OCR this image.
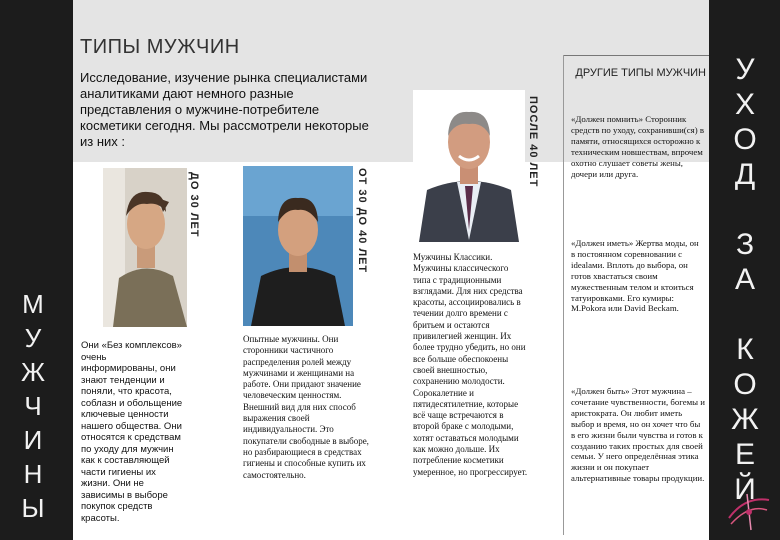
М
У
Ж
Ч
И
Н
Ы
У
Х
О
Д

З
А

К
О
Ж
Е
Й
ТИПЫ МУЖЧИН

Исследование, изучение рынка специалистами аналитиками дают немного разные представления о мужчине-потребителе косметики сегодня. Мы рассмотрели некоторые из них :

ДРУГИЕ ТИПЫ МУЖЧИН
ДО 30 ЛЕТ	ОТ 30 ДО 40 ЛЕТ
ПОСЛЕ 40 ЛЕТ

Они «Без комплексов» очень информированы, они знают тенденции и поняли, что красота, соблазн и обольщение ключевые ценности нашего общества. Они относятся к средствам по уходу для мужчин как к составляющей части гигиены их жизни. Они не зависимы в выборе покупок средств красоты.

Опытные мужчины. Они сторонники частичного распределения ролей между мужчинами и женщинами на работе. Они придают значение человеческим ценностям. Внешний вид для них способ выражения своей индивидуальности. Это покупатели свободные в выборе, но разбирающиеся в средствах гигиены и способные купить их самостоятельно.

Мужчины Классики. Мужчины классического типа с традиционными взглядами. Для них средства красоты, ассоциировались в течении долго времени с бритьем и остаются привилегией женщин. Их более трудно убедить, но они все больше обеспокоены своей внешностью, сохранению молодости. Сорокалетние и пятидесятилетние, которые всё чаще встречаются в второй браке с молодыми, хотят оставаться молодыми как можно дольше. Их потребление косметики умеренное, но прогрессирует.

«Должен помнить» Сторонник средств по уходу, сохранивши(ся) в памяти, относящихся осторожно к техническим новшествам, впрочем охотно слушает советы жены, дочери или друга.

«Должен иметь» Жертва моды, он в постоянном соревновании с idealами. Вплоть до выбора, он готов хвастаться своим мужественным телом и ктоиться татуировками. Его кумиры: M.Pokora или David Beckam.

«Должен быть» Этот мужчина – сочетание чувственности, богемы и аристократа. Он любит иметь выбор и время, но он хочет что бы в его жизни были чувства и готов к созданию таких простых для своей семьи. У него определённая этика жизни и он покупает альтернативные товары продукции.
